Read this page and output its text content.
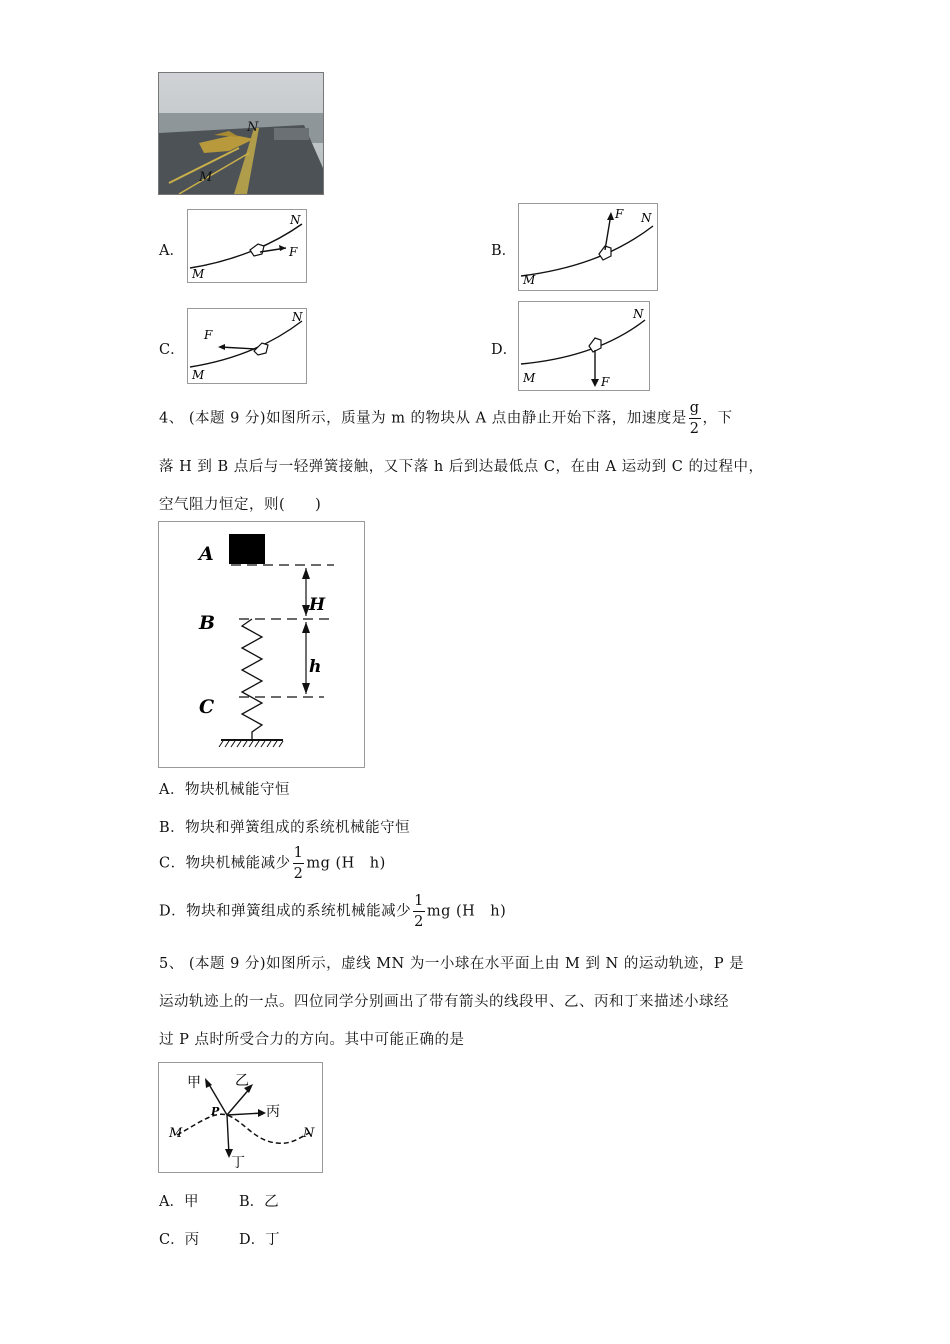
N
M
A．
N
F
M
B．
F N
M
C．
F
N
M
D．
N
F
M
4、 (本题 9 分)如图所示，质量为 m 的物块从 A 点由静止开始下落，加速度是 $\frac{g}{2}$ ，下
落 H 到 B 点后与一轻弹簧接触，又下落 h 后到达最低点 C，在由 A 运动到 C 的过程中，
空气阻力恒定，则(　　)
A
B
C
H
h
A．物块机械能守恒
B．物块和弹簧组成的系统机械能守恒
C．物块机械能减少 $\frac{1}{2}$ mg (H　h)
D．物块和弹簧组成的系统机械能减少 $\frac{1}{2}$ mg (H　h)
5、 (本题 9 分)如图所示，虚线 MN 为一小球在水平面上由 M 到 N 的运动轨迹，P 是
运动轨迹上的一点。四位同学分别画出了带有箭头的线段甲、乙、丙和丁来描述小球经
过 P 点时所受合力的方向。其中可能正确的是
甲 乙
丙
丁
P
M	N
A．甲	B．乙
C．丙	D．丁
